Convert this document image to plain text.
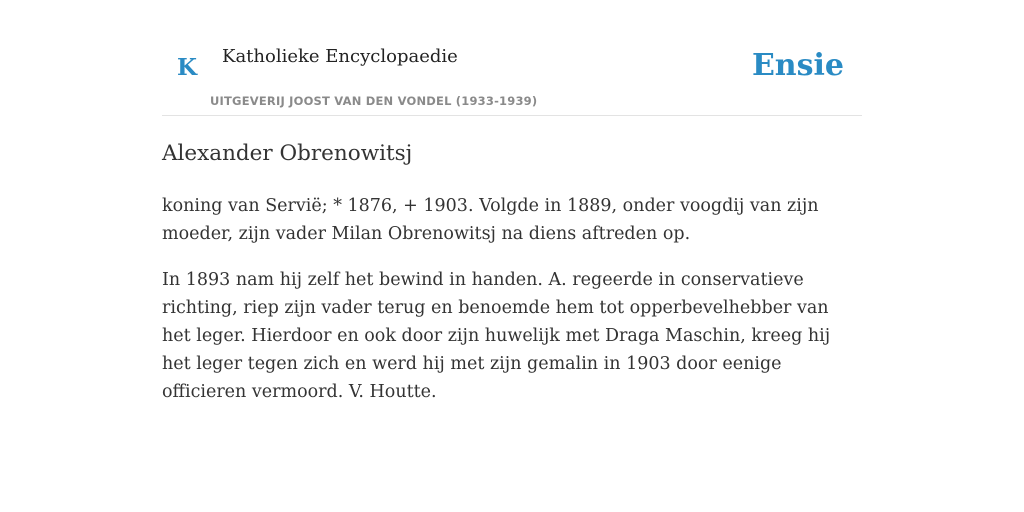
K Katholieke Encyclopaedie
UITGEVERIJ JOOST VAN DEN VONDEL (1933-1939)
Ensie
Alexander Obrenowitsj

koning van Servië; * 1876, + 1903. Volgde in 1889, onder voogdij van zijn moeder, zijn vader Milan Obrenowitsj na diens aftreden op.

In 1893 nam hij zelf het bewind in handen. A. regeerde in conservatieve richting, riep zijn vader terug en benoemde hem tot opperbevelhebber van het leger. Hierdoor en ook door zijn huwelijk met Draga Maschin, kreeg hij het leger tegen zich en werd hij met zijn gemalin in 1903 door eenige officieren vermoord. V. Houtte.
